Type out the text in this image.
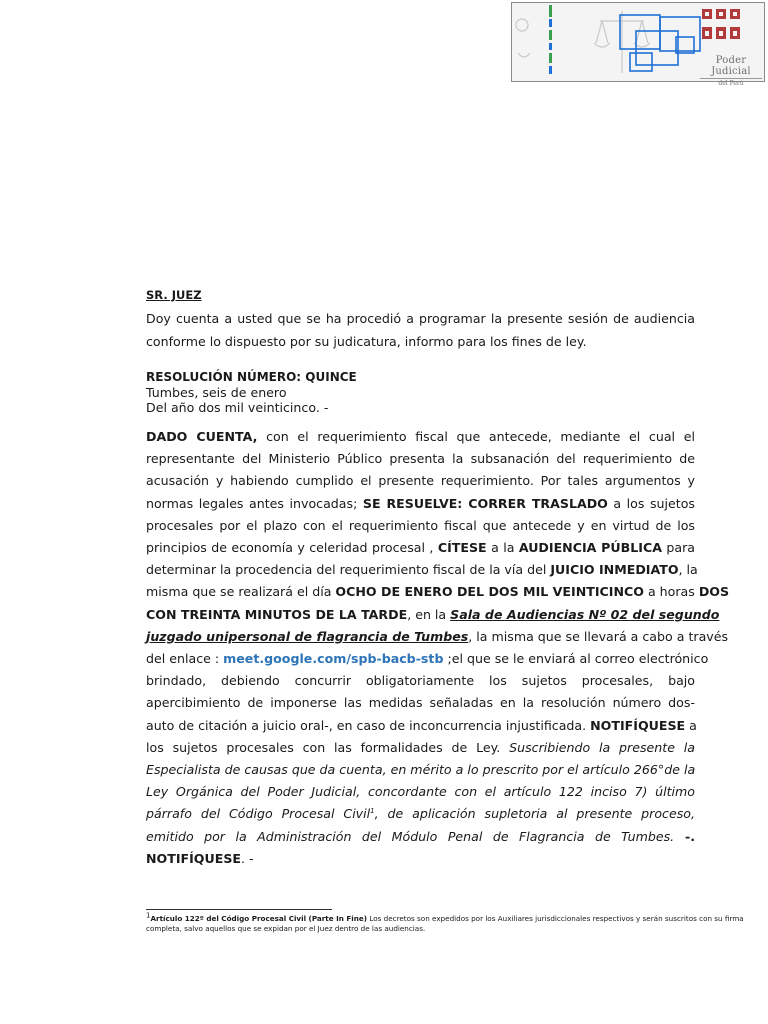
Poder Judicial
del Perú
SR. JUEZ
Doy cuenta a usted que se ha procedió a programar la presente sesión de audiencia conforme lo dispuesto por su judicatura, informo para los fines de ley.
RESOLUCIÓN NÚMERO: QUINCE
Tumbes, seis de enero
Del año dos mil veinticinco. -
DADO CUENTA, con el requerimiento fiscal que antecede, mediante el cual el
representante del Ministerio Público presenta la subsanación del requerimiento de
acusación y habiendo cumplido el presente requerimiento. Por tales argumentos y
normas legales antes invocadas; SE RESUELVE: CORRER TRASLADO a los sujetos
procesales por el plazo con el requerimiento fiscal que antecede y en virtud de los
principios de economía y celeridad procesal , CÍTESE a la AUDIENCIA PÚBLICA para
determinar la procedencia del requerimiento fiscal de la vía del JUICIO INMEDIATO, la
misma que se realizará el día OCHO DE ENERO DEL DOS MIL VEINTICINCO a horas DOS
CON TREINTA MINUTOS DE LA TARDE, en la Sala de Audiencias Nº 02 del segundo
juzgado unipersonal de flagrancia de Tumbes, la misma que se llevará a cabo a través
del enlace : meet.google.com/spb-bacb-stb ;el que se le enviará al correo electrónico
brindado, debiendo concurrir obligatoriamente los sujetos procesales, bajo
apercibimiento de imponerse las medidas señaladas en la resolución número dos-
auto de citación a juicio oral-, en caso de inconcurrencia injustificada. NOTIFÍQUESE a
los sujetos procesales con las formalidades de Ley. Suscribiendo la presente la
Especialista de causas que da cuenta, en mérito a lo prescrito por el artículo 266°de la
Ley Orgánica del Poder Judicial, concordante con el artículo 122 inciso 7) último
párrafo del Código Procesal Civil$^1$, de aplicación supletoria al presente proceso,
emitido por la Administración del Módulo Penal de Flagrancia de Tumbes. -.
NOTIFÍQUESE. -
$^1$Artículo 122º del Código Procesal Civil (Parte In Fine) Los decretos son expedidos por los Auxiliares jurisdiccionales respectivos y serán suscritos con su firma
completa, salvo aquellos que se expidan por el Juez dentro de las audiencias.
